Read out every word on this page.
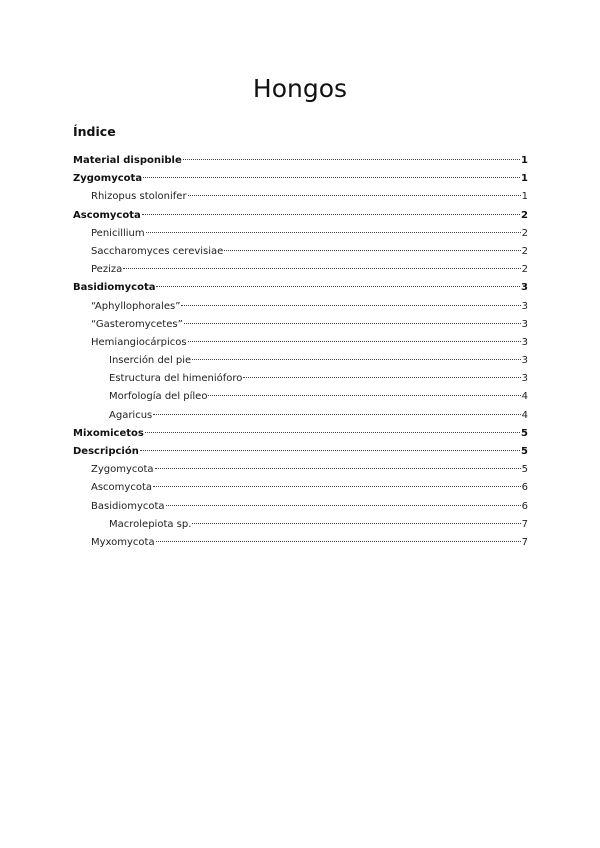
Hongos
Índice
Material disponible	1
Zygomycota	1
Rhizopus stolonifer	1
Ascomycota	2
Penicillium	2
Saccharomyces cerevisiae	2
Peziza	2
Basidiomycota	3
“Aphyllophorales”	3
“Gasteromycetes”	3
Hemiangiocárpicos	3
Inserción del pie	3
Estructura del himenióforo	3
Morfología del píleo	4
Agaricus	4
Mixomicetos	5
Descripción	5
Zygomycota	5
Ascomycota	6
Basidiomycota	6
Macrolepiota sp.	7
Myxomycota	7
